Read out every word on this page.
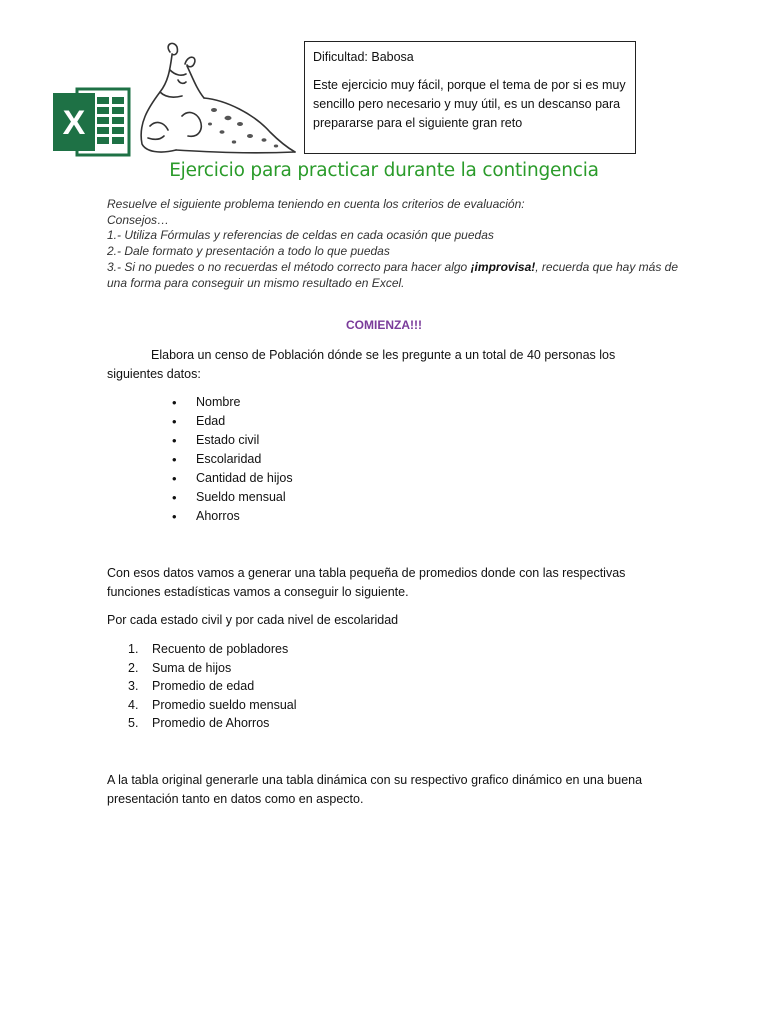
X

Dificultad: Babosa

Este ejercicio muy fácil, porque el tema de por si es muy sencillo pero necesario y muy útil, es un descanso para prepararse para el siguiente gran reto

Ejercicio para practicar durante la contingencia

Resuelve el siguiente problema teniendo en cuenta los criterios de evaluación:

Consejos…

1.- Utiliza Fórmulas y referencias de celdas en cada ocasión que puedas

2.- Dale formato y presentación a todo lo que puedas

3.- Si no puedes o no recuerdas el método correcto para hacer algo ¡improvisa!, recuerda que hay más de una forma para conseguir un mismo resultado en Excel.

COMIENZA!!!

Elabora un censo de Población dónde se les pregunte a un total de 40 personas los siguientes datos:

• Nombre
• Edad
• Estado civil
• Escolaridad
• Cantidad de hijos
• Sueldo mensual
• Ahorros

Con esos datos vamos a generar una tabla pequeña de promedios donde con las respectivas funciones estadísticas vamos a conseguir lo siguiente.

Por cada estado civil y por cada nivel de escolaridad

1.	Recuento de pobladores
2.	Suma de hijos
3.	Promedio de edad
4.	Promedio sueldo mensual
5.	Promedio de Ahorros

A la tabla original generarle una tabla dinámica con su respectivo grafico dinámico en una buena presentación tanto en datos como en aspecto.
